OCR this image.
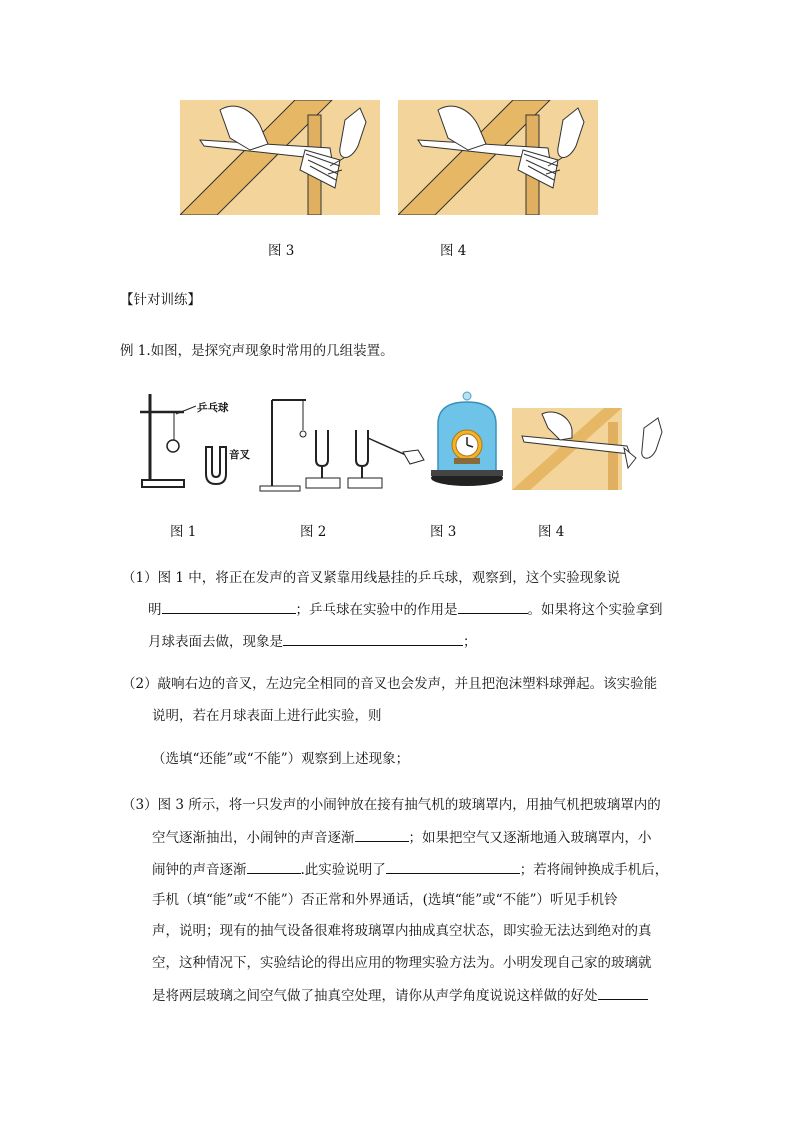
图 3	图 4
【针对训练】
例 1.如图，是探究声现象时常用的几组装置。
乒乓球
音叉
图 1	图 2	图 3	图 4
（1）图 1 中，将正在发声的音叉紧靠用线悬挂的乒乓球，观察到，这个实验现象说
明	；乒乓球在实验中的作用是	。如果将这个实验拿到
月球表面去做，现象是	；
（2）敲响右边的音叉，左边完全相同的音叉也会发声，并且把泡沫塑料球弹起。该实验能
说明，若在月球表面上进行此实验，则
（选填“还能”或“不能”）观察到上述现象；
（3）图 3 所示，将一只发声的小闹钟放在接有抽气机的玻璃罩内，用抽气机把玻璃罩内的
空气逐渐抽出，小闹钟的声音逐渐	；如果把空气又逐渐地通入玻璃罩内，小
闹钟的声音逐渐	.此实验说明了	；若将闹钟换成手机后，
手机（填“能”或“不能”）否正常和外界通话，(选填“能”或“不能”）听见手机铃
声，说明；现有的抽气设备很难将玻璃罩内抽成真空状态，即实验无法达到绝对的真
空，这种情况下，实验结论的得出应用的物理实验方法为。小明发现自己家的玻璃就
是将两层玻璃之间空气做了抽真空处理，请你从声学角度说说这样做的好处
